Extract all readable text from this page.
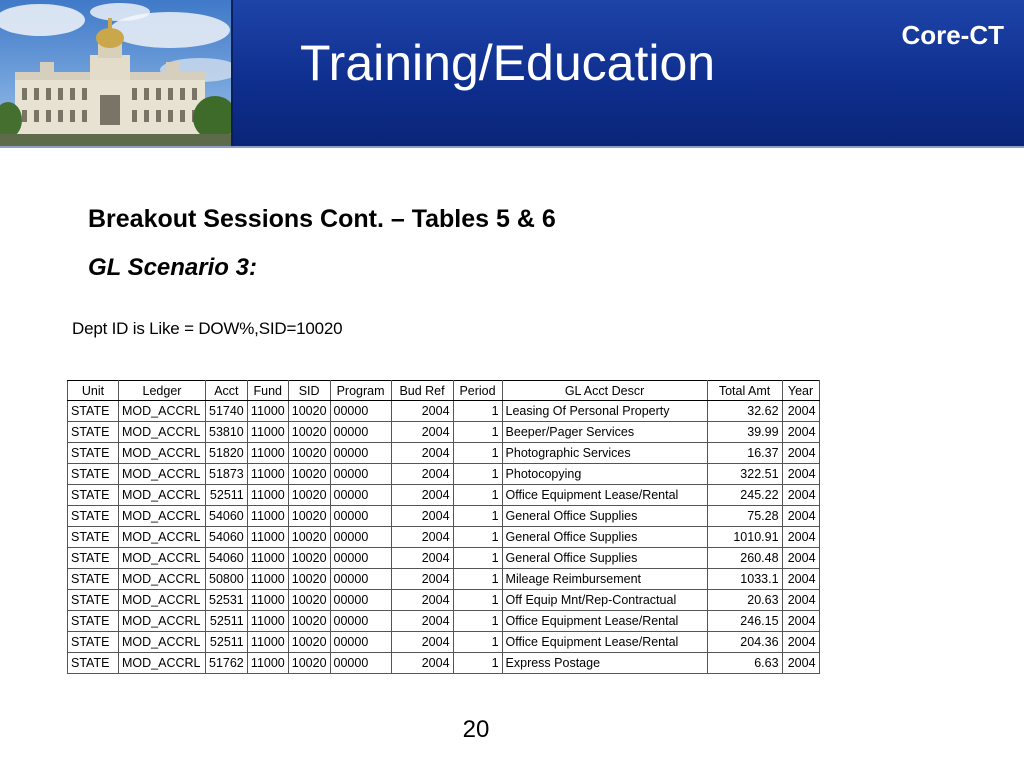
Training/Education	Core-CT
Breakout Sessions Cont. – Tables 5 & 6
GL Scenario 3:
Dept ID is Like = DOW%,SID=10020
Unit	Ledger	Acct	Fund	SID	Program	Bud Ref	Period	GL Acct Descr	Total Amt	Year
STATE	MOD_ACCRL	51740	11000	10020	00000	2004	1	Leasing Of Personal Property	32.62	2004
STATE	MOD_ACCRL	53810	11000	10020	00000	2004	1	Beeper/Pager Services	39.99	2004
STATE	MOD_ACCRL	51820	11000	10020	00000	2004	1	Photographic Services	16.37	2004
STATE	MOD_ACCRL	51873	11000	10020	00000	2004	1	Photocopying	322.51	2004
STATE	MOD_ACCRL	52511	11000	10020	00000	2004	1	Office Equipment Lease/Rental	245.22	2004
STATE	MOD_ACCRL	54060	11000	10020	00000	2004	1	General Office Supplies	75.28	2004
STATE	MOD_ACCRL	54060	11000	10020	00000	2004	1	General Office Supplies	1010.91	2004
STATE	MOD_ACCRL	54060	11000	10020	00000	2004	1	General Office Supplies	260.48	2004
STATE	MOD_ACCRL	50800	11000	10020	00000	2004	1	Mileage Reimbursement	1033.1	2004
STATE	MOD_ACCRL	52531	11000	10020	00000	2004	1	Off Equip Mnt/Rep-Contractual	20.63	2004
STATE	MOD_ACCRL	52511	11000	10020	00000	2004	1	Office Equipment Lease/Rental	246.15	2004
STATE	MOD_ACCRL	52511	11000	10020	00000	2004	1	Office Equipment Lease/Rental	204.36	2004
STATE	MOD_ACCRL	51762	11000	10020	00000	2004	1	Express Postage	6.63	2004
20
